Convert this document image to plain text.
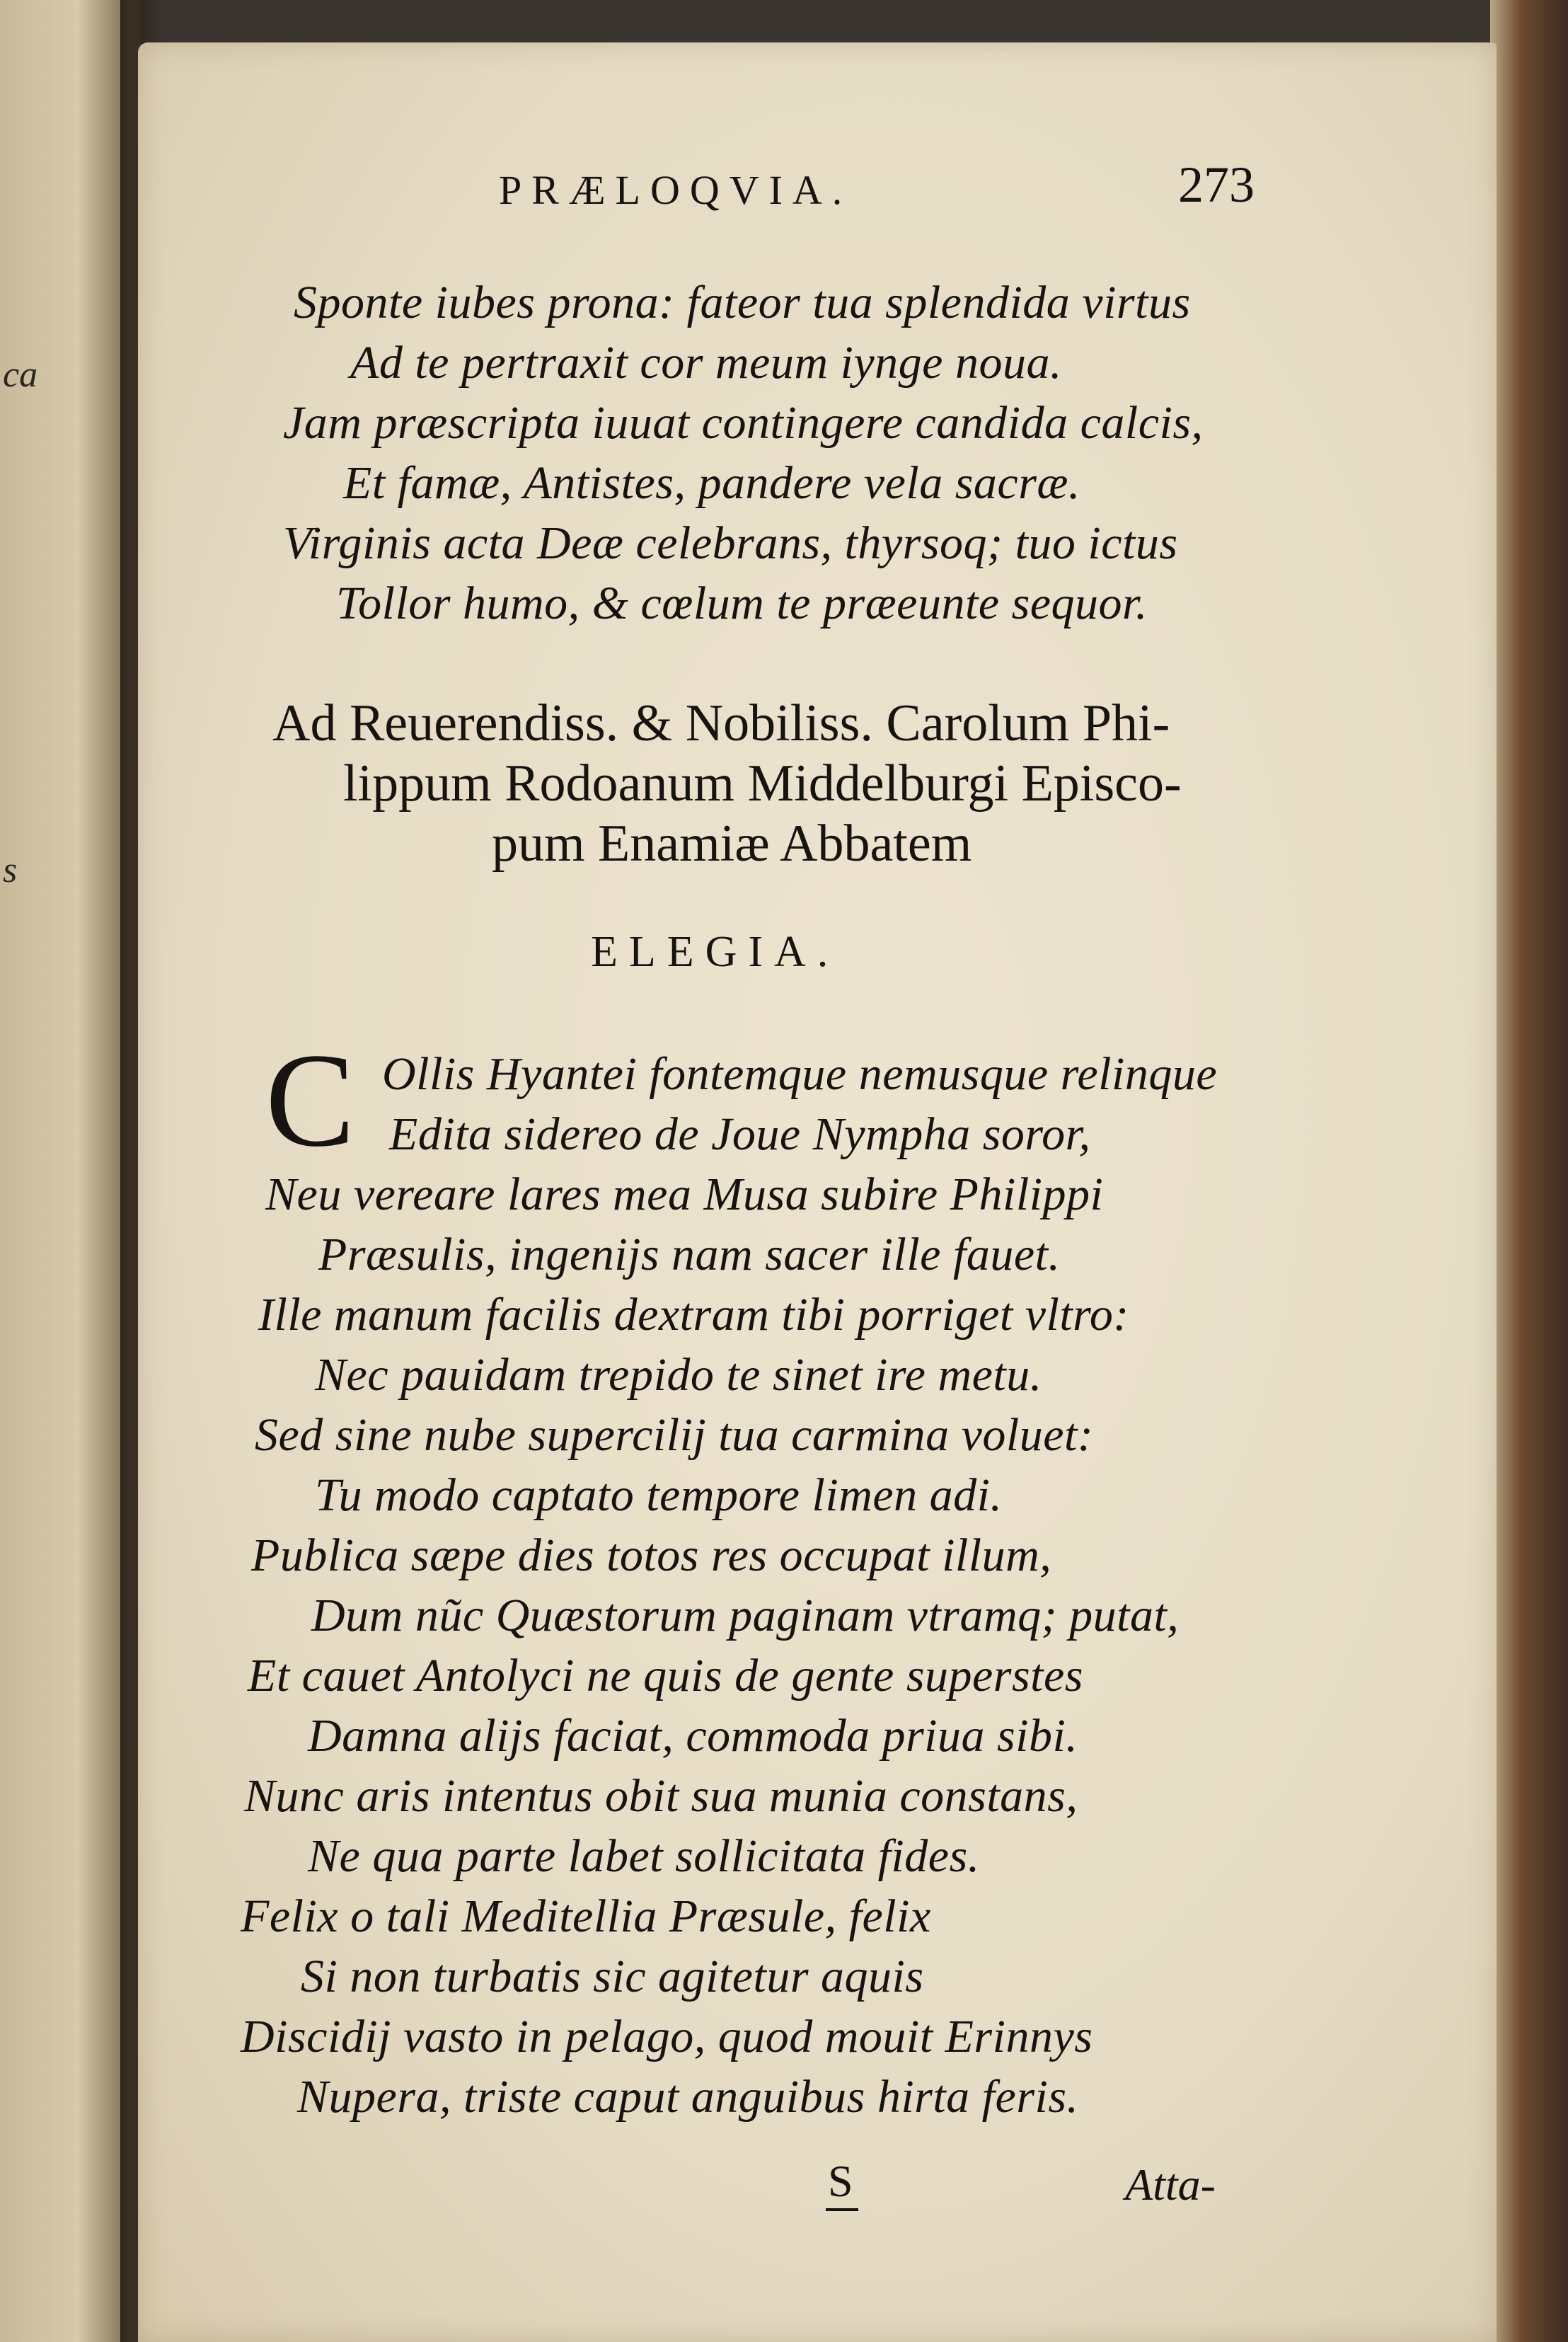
ca
s
PRÆLOQVIA.	273
Sponte iubes prona: fateor tua splendida virtus
Ad te pertraxit cor meum iynge noua.
Jam præscripta iuuat contingere candida calcis,
Et famæ, Antistes, pandere vela sacræ.
Virginis acta Deæ celebrans, thyrsoq; tuo ictus
Tollor humo, & cœlum te præeunte sequor.
Ad Reuerendiss. & Nobiliss. Carolum Phi-
lippum Rodoanum Middelburgi Episco-
pum Enamiæ Abbatem
ELEGIA.
C Ollis Hyantei fontemque nemusque relinque
Edita sidereo de Joue Nympha soror,
Neu vereare lares mea Musa subire Philippi
Præsulis, ingenijs nam sacer ille fauet.
Ille manum facilis dextram tibi porriget vltro:
Nec pauidam trepido te sinet ire metu.
Sed sine nube supercilij tua carmina voluet:
Tu modo captato tempore limen adi.
Publica sæpe dies totos res occupat illum,
Dum nũc Quæstorum paginam vtramq; putat,
Et cauet Antolyci ne quis de gente superstes
Damna alijs faciat, commoda priua sibi.
Nunc aris intentus obit sua munia constans,
Ne qua parte labet sollicitata fides.
Felix o tali Meditellia Præsule, felix
Si non turbatis sic agitetur aquis
Discidij vasto in pelago, quod mouit Erinnys
Nupera, triste caput anguibus hirta feris.
S	Atta-
